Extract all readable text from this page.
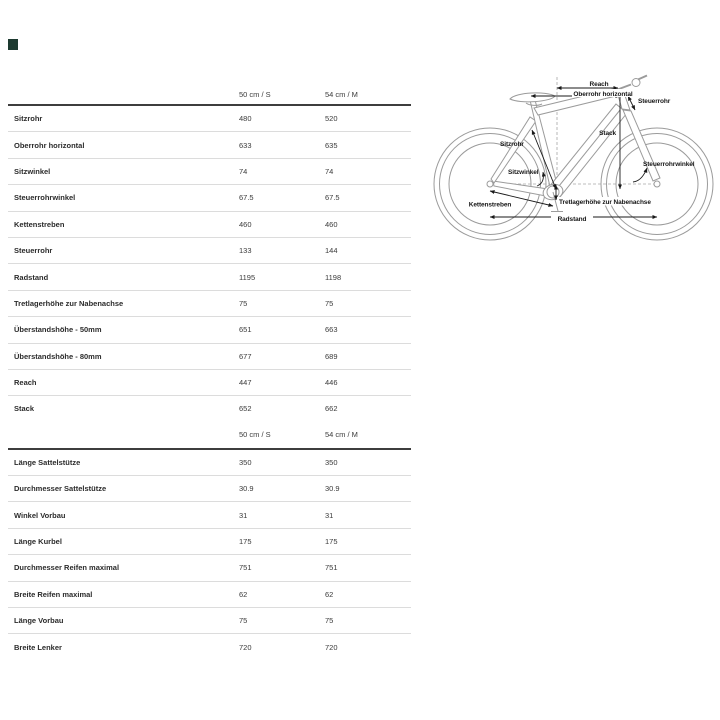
50 cm / S	54 cm / M
Sitzrohr	480	520
Oberrohr horizontal	633	635
Sitzwinkel	74	74
Steuerrohrwinkel	67.5	67.5
Kettenstreben	460	460
Steuerrohr	133	144
Radstand	1195	1198
Tretlagerhöhe zur Nabenachse	75	75
Überstandshöhe - 50mm	651	663
Überstandshöhe - 80mm	677	689
Reach	447	446
Stack	652	662
50 cm / S	54 cm / M
Länge Sattelstütze	350	350
Durchmesser Sattelstütze	30.9	30.9
Winkel Vorbau	31	31
Länge Kurbel	175	175
Durchmesser Reifen maximal	751	751
Breite Reifen maximal	62	62
Länge Vorbau	75	75
Breite Lenker	720	720
Reach
Oberrohr horizontal
Steuerrohr
Stack
Sitzrohr
Sitzwinkel
Steuerrohrwinkel
Kettenstreben	Tretlagerhöhe zur Nabenachse
Radstand
